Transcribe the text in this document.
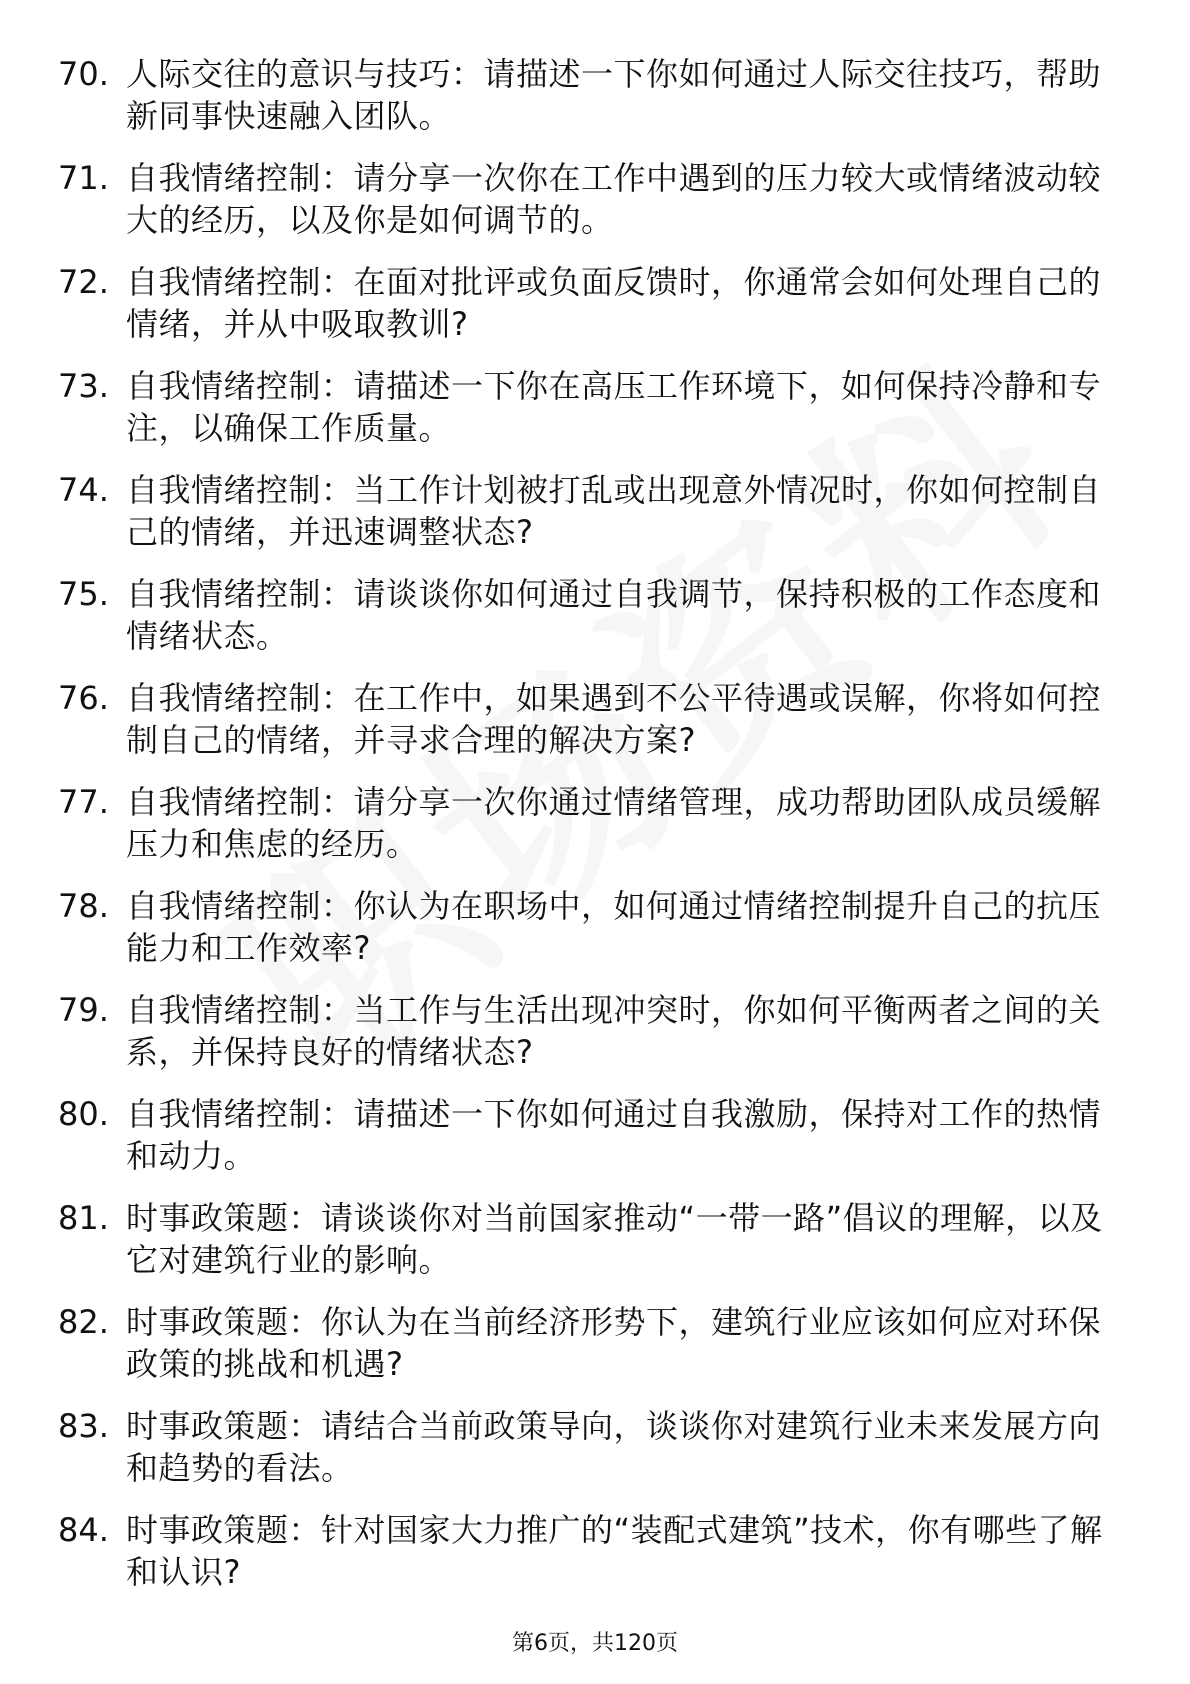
70. 人际交往的意识与技巧：请描述一下你如何通过人际交往技巧，帮助新同事快速融入团队。
71. 自我情绪控制：请分享一次你在工作中遇到的压力较大或情绪波动较大的经历，以及你是如何调节的。
72. 自我情绪控制：在面对批评或负面反馈时，你通常会如何处理自己的情绪，并从中吸取教训?
73. 自我情绪控制：请描述一下你在高压工作环境下，如何保持冷静和专注，以确保工作质量。
74. 自我情绪控制：当工作计划被打乱或出现意外情况时，你如何控制自己的情绪，并迅速调整状态?
75. 自我情绪控制：请谈谈你如何通过自我调节，保持积极的工作态度和情绪状态。
76. 自我情绪控制：在工作中，如果遇到不公平待遇或误解，你将如何控制自己的情绪，并寻求合理的解决方案?
77. 自我情绪控制：请分享一次你通过情绪管理，成功帮助团队成员缓解压力和焦虑的经历。
78. 自我情绪控制：你认为在职场中，如何通过情绪控制提升自己的抗压能力和工作效率?
79. 自我情绪控制：当工作与生活出现冲突时，你如何平衡两者之间的关系，并保持良好的情绪状态?
80. 自我情绪控制：请描述一下你如何通过自我激励，保持对工作的热情和动力。
81. 时事政策题：请谈谈你对当前国家推动“一带一路”倡议的理解，以及它对建筑行业的影响。
82. 时事政策题：你认为在当前经济形势下，建筑行业应该如何应对环保政策的挑战和机遇?
83. 时事政策题：请结合当前政策导向，谈谈你对建筑行业未来发展方向和趋势的看法。
84. 时事政策题：针对国家大力推广的“装配式建筑”技术，你有哪些了解和认识?
第6页，共120页
